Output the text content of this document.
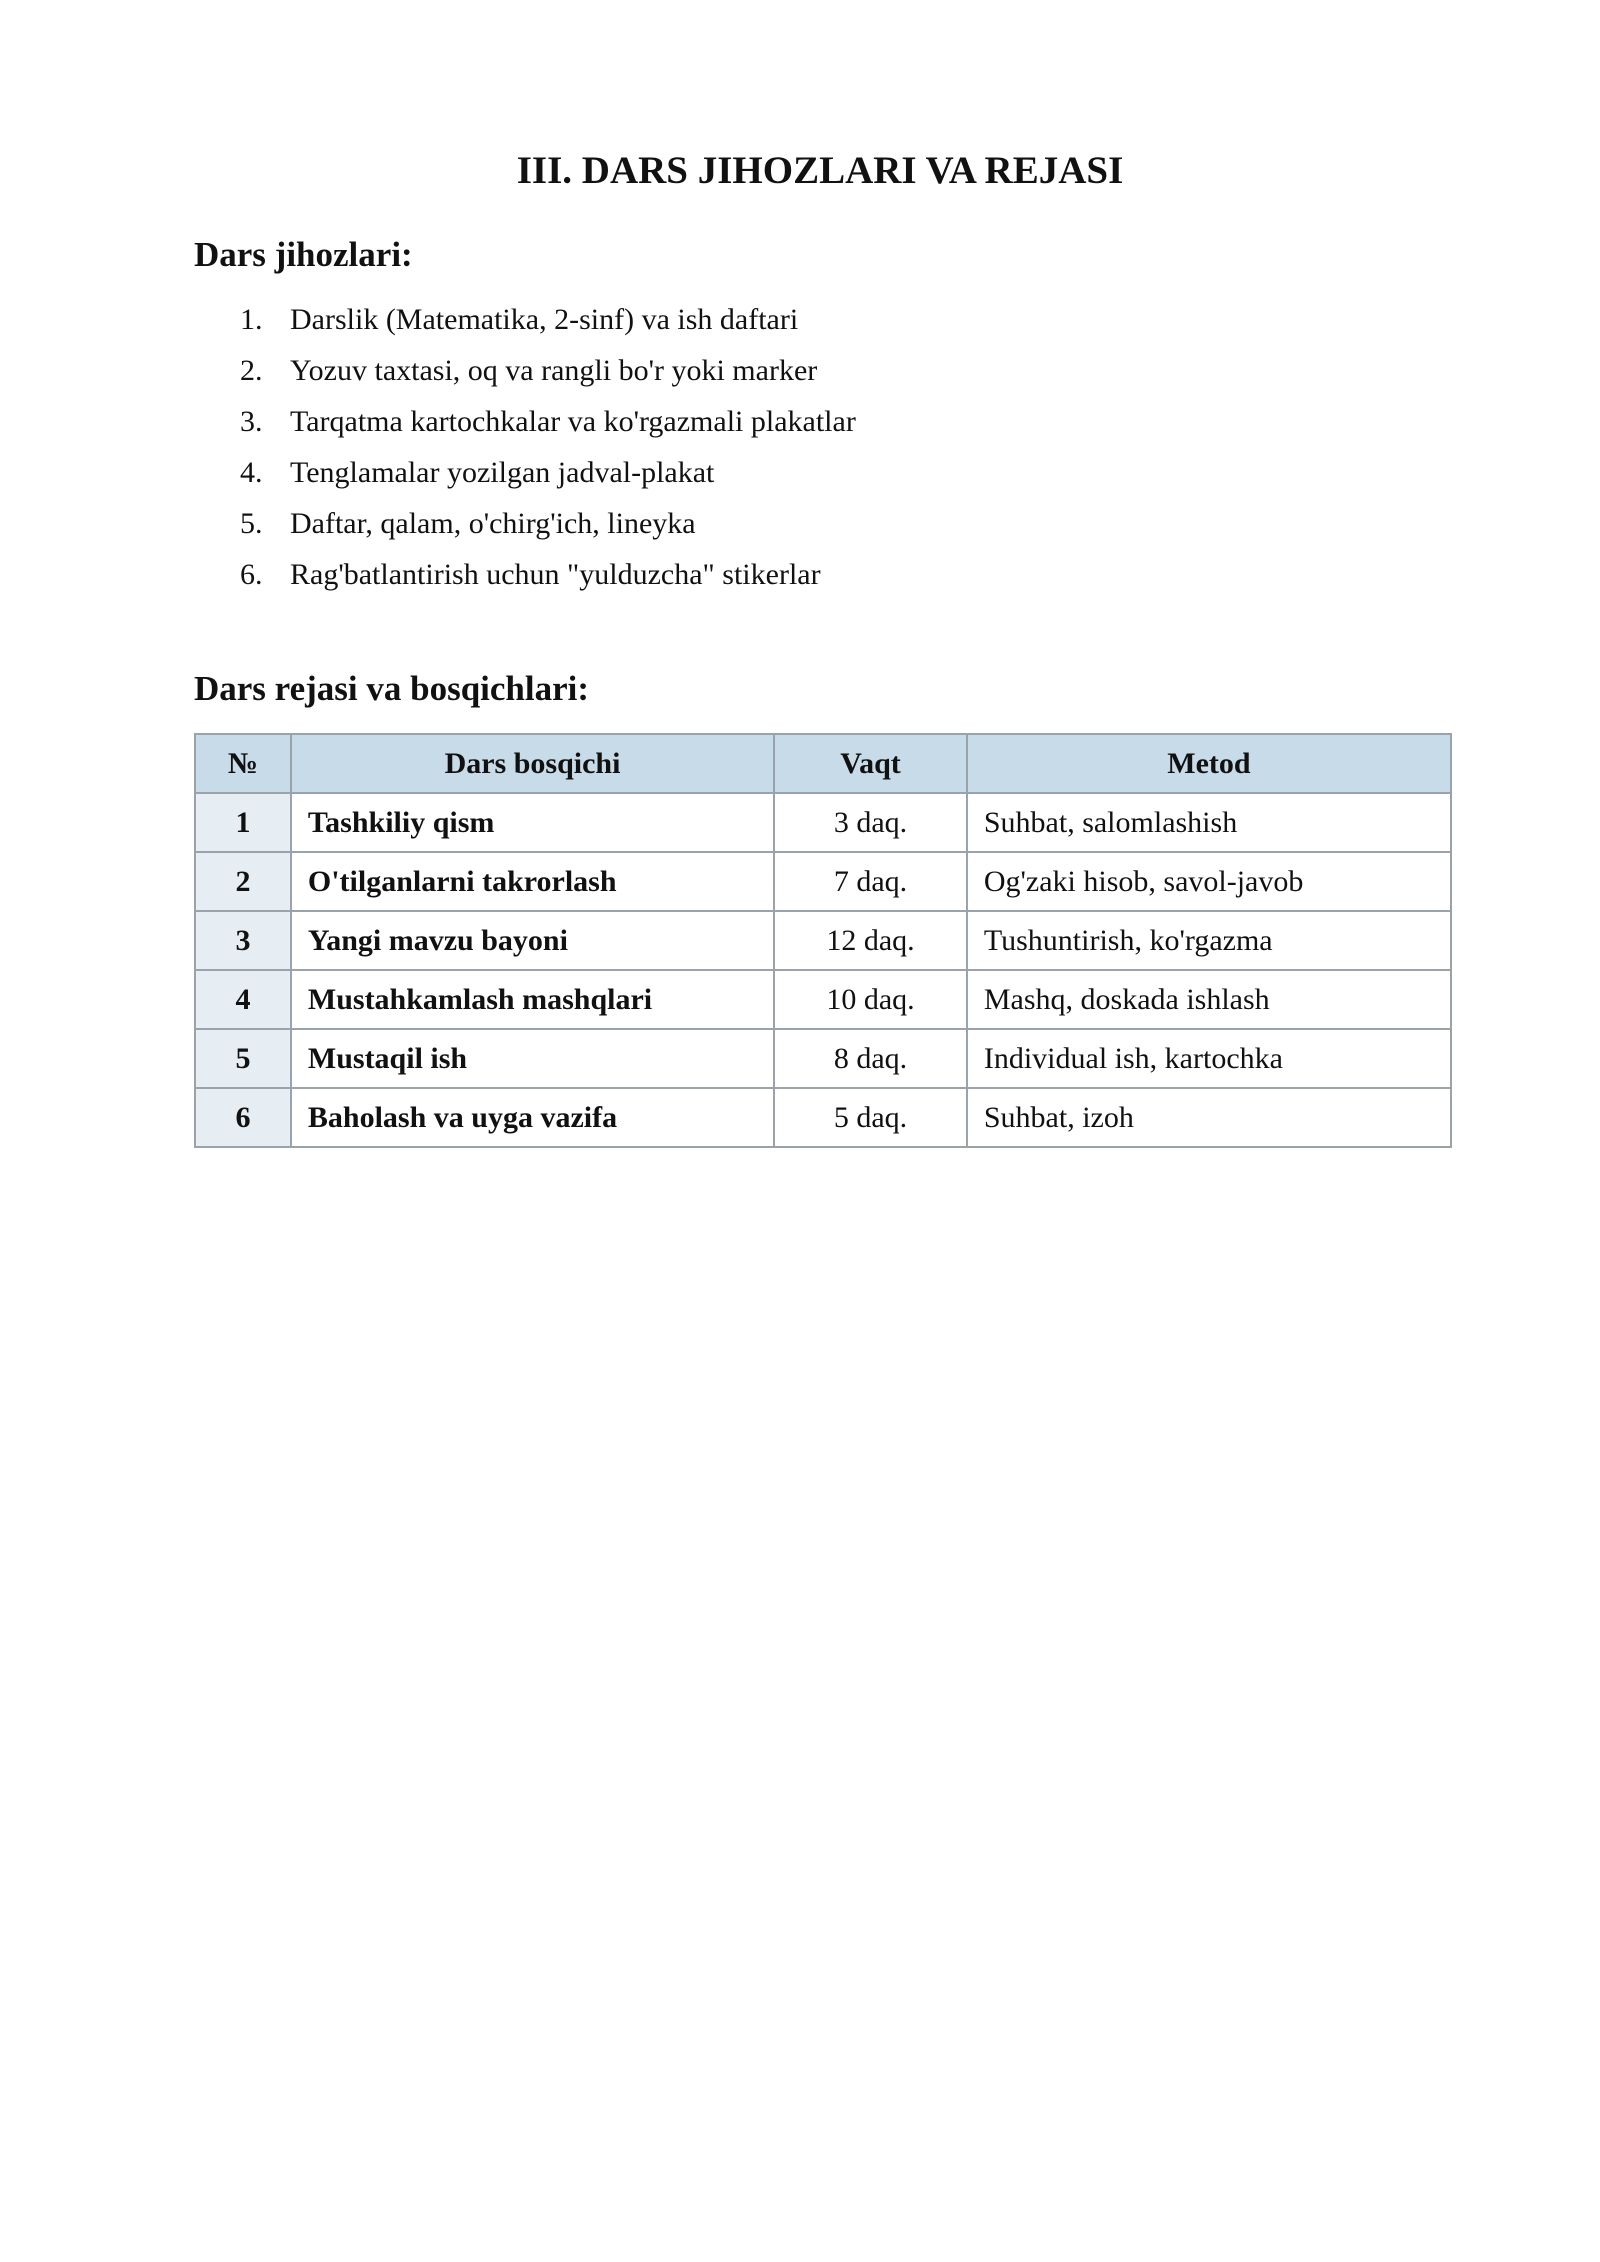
III. DARS JIHOZLARI VA REJASI
Dars jihozlari:
1. Darslik (Matematika, 2-sinf) va ish daftari
2. Yozuv taxtasi, oq va rangli bo'r yoki marker
3. Tarqatma kartochkalar va ko'rgazmali plakatlar
4. Tenglamalar yozilgan jadval-plakat
5. Daftar, qalam, o'chirg'ich, lineyka
6. Rag'batlantirish uchun "yulduzcha" stikerlar
Dars rejasi va bosqichlari:
№	Dars bosqichi	Vaqt	Metod
1	Tashkiliy qism	3 daq.	Suhbat, salomlashish
2	O'tilganlarni takrorlash	7 daq.	Og'zaki hisob, savol-javob
3	Yangi mavzu bayoni	12 daq.	Tushuntirish, ko'rgazma
4	Mustahkamlash mashqlari	10 daq.	Mashq, doskada ishlash
5	Mustaqil ish	8 daq.	Individual ish, kartochka
6	Baholash va uyga vazifa	5 daq.	Suhbat, izoh
